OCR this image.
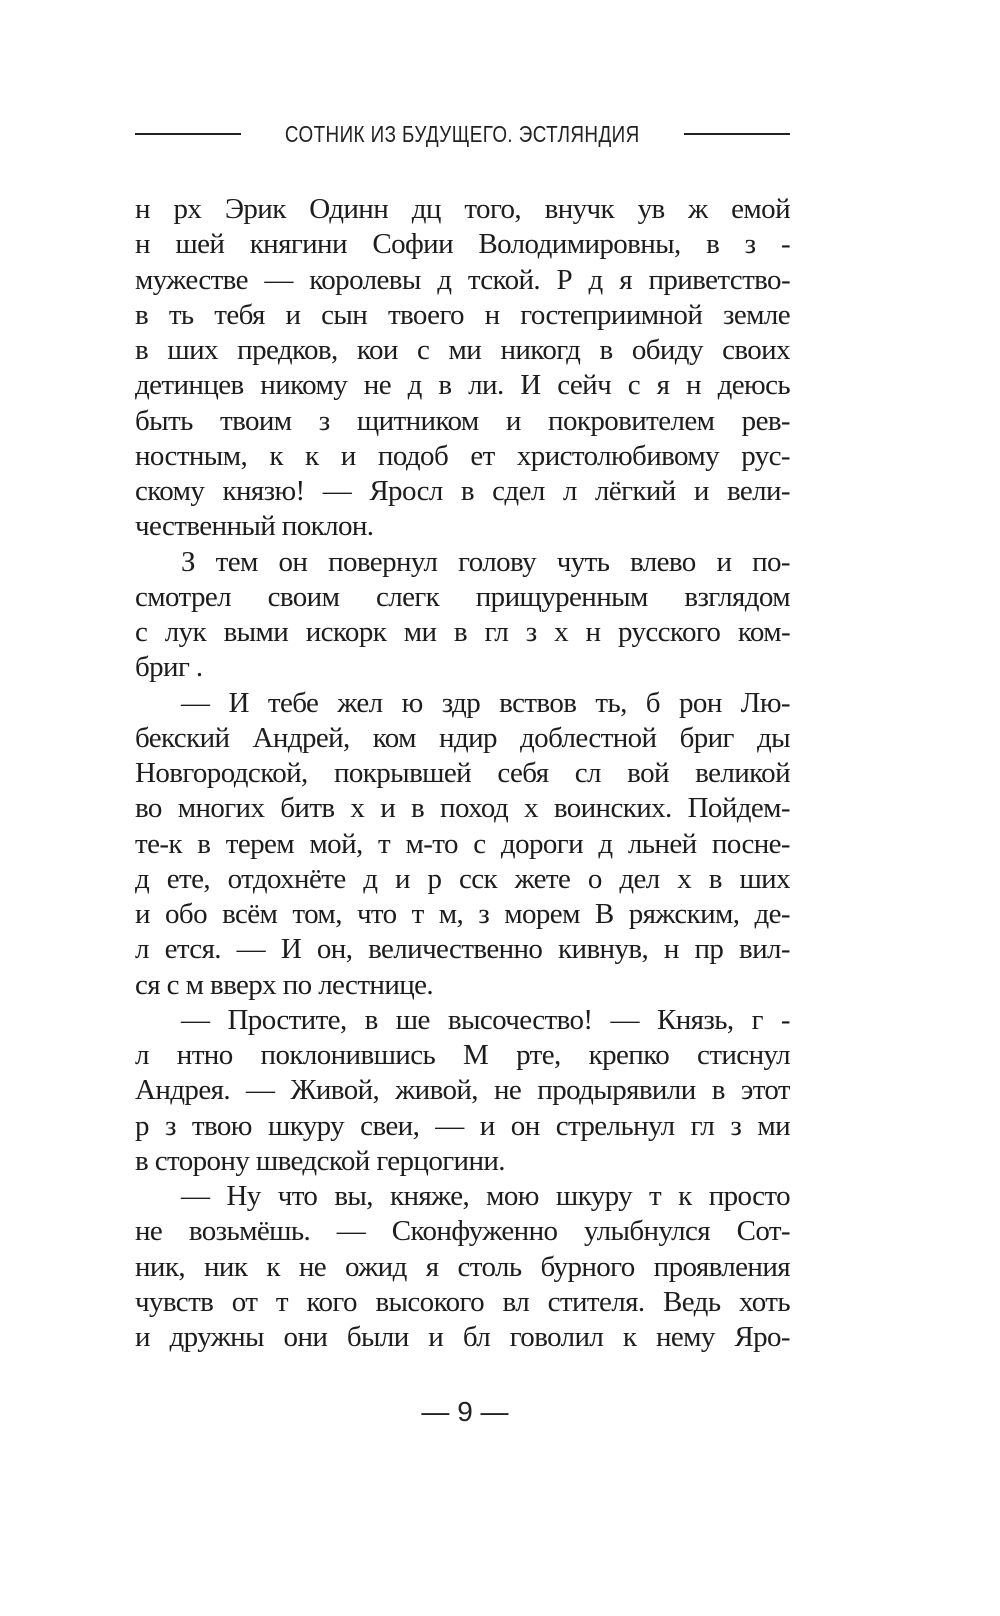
СОТНИК ИЗ БУДУЩЕГО. ЭСТЛЯНДИЯ
н рх Эрик Одинн дц того, внучк ув ж емой
н шей княгини Софии Володимировны, в з -
мужестве — королевы д тской. Р д я приветство-
в ть тебя и сын твоего н гостеприимной земле
в ших предков, кои с ми никогд в обиду своих
детинцев никому не д в ли. И сейч с я н деюсь
быть твоим з щитником и покровителем рев-
ностным, к к и подоб ет христолюбивому рус-
скому князю! — Яросл в сдел л лёгкий и вели-
чественный поклон.
З тем он повернул голову чуть влево и по-
смотрел своим слегк прищуренным взглядом
с лук выми искорк ми в гл з х н русского ком-
бриг .
— И тебе жел ю здр вствов ть, б рон Лю-
бекский Андрей, ком ндир доблестной бриг ды
Новгородской, покрывшей себя сл вой великой
во многих битв х и в поход х воинских. Пойдем-
те-к в терем мой, т м-то с дороги д льней поснe-
д ете, отдохнёте д и р сск жете о дел х в ших
и обо всём том, что т м, з морем В ряжским, де-
л ется. — И он, величественно кивнув, н пр вил-
ся с м вверх по лестнице.
— Простите, в ше высочество! — Князь, г -
л нтно поклонившись М рте, крепко стиснул
Андрея. — Живой, живой, не продырявили в этот
р з твою шкуру свеи, — и он стрельнул гл з ми
в сторону шведской герцогини.
— Ну что вы, княже, мою шкуру т к просто
не возьмёшь. — Сконфуженно улыбнулся Сот-
ник, ник к не ожид я столь бурного проявления
чувств от т кого высокого вл стителя. Ведь хоть
и дружны они были и бл говолил к нему Яро-
— 9 —
